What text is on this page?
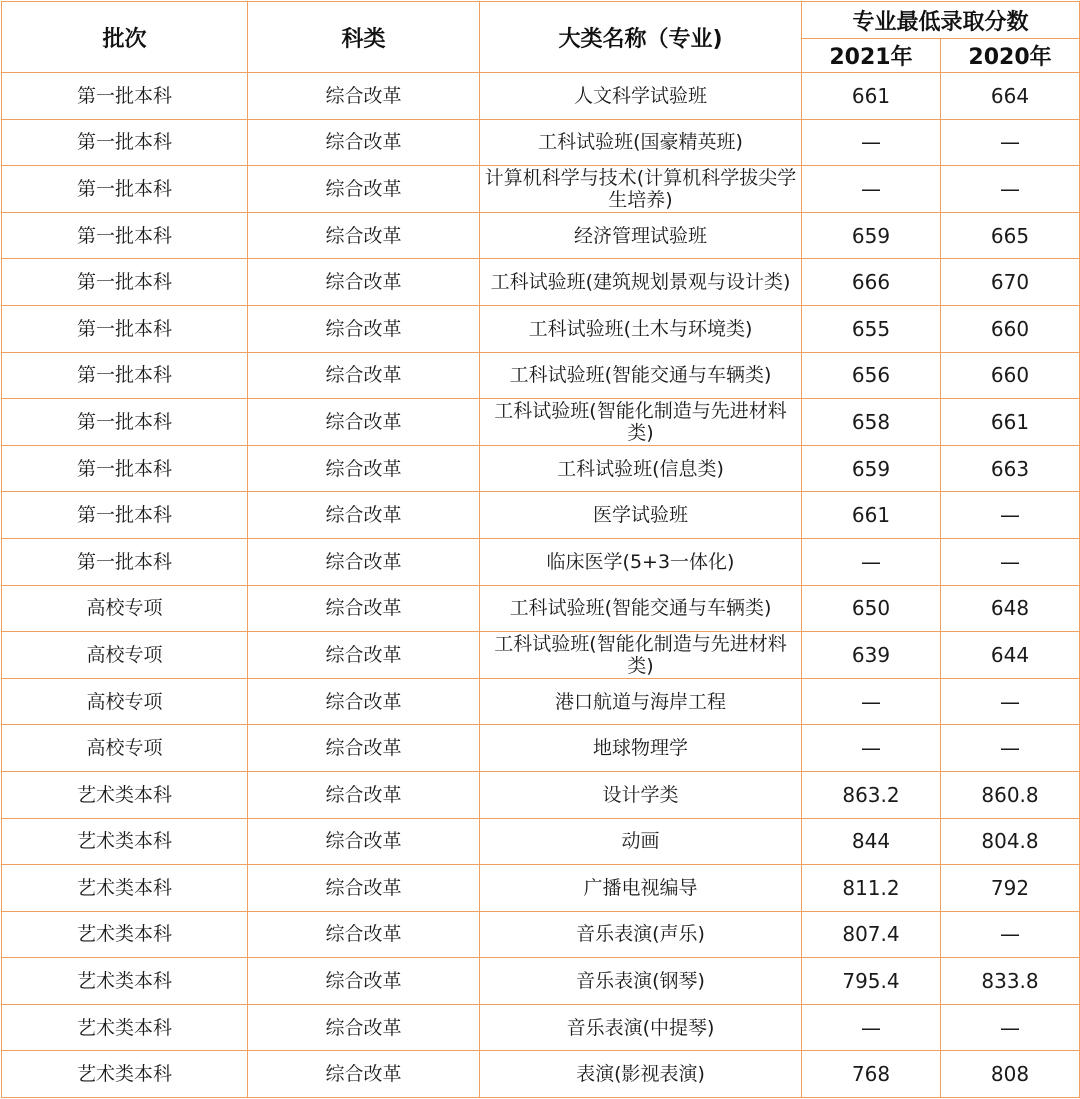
批次	科类	大类名称（专业)	专业最低录取分数	
			2021年	2020年
第一批本科	综合改革	人文科学试验班	661	664
第一批本科	综合改革	工科试验班(国豪精英班)	—	—
第一批本科	综合改革	计算机科学与技术(计算机科学拔尖学生培养)	—	—
第一批本科	综合改革	经济管理试验班	659	665
第一批本科	综合改革	工科试验班(建筑规划景观与设计类)	666	670
第一批本科	综合改革	工科试验班(土木与环境类)	655	660
第一批本科	综合改革	工科试验班(智能交通与车辆类)	656	660
第一批本科	综合改革	工科试验班(智能化制造与先进材料类)	658	661
第一批本科	综合改革	工科试验班(信息类)	659	663
第一批本科	综合改革	医学试验班	661	—
第一批本科	综合改革	临床医学(5+3一体化)	—	—
高校专项	综合改革	工科试验班(智能交通与车辆类)	650	648
高校专项	综合改革	工科试验班(智能化制造与先进材料类)	639	644
高校专项	综合改革	港口航道与海岸工程	—	—
高校专项	综合改革	地球物理学	—	—
艺术类本科	综合改革	设计学类	863.2	860.8
艺术类本科	综合改革	动画	844	804.8
艺术类本科	综合改革	广播电视编导	811.2	792
艺术类本科	综合改革	音乐表演(声乐)	807.4	—
艺术类本科	综合改革	音乐表演(钢琴)	795.4	833.8
艺术类本科	综合改革	音乐表演(中提琴)	—	—
艺术类本科	综合改革	表演(影视表演)	768	808
